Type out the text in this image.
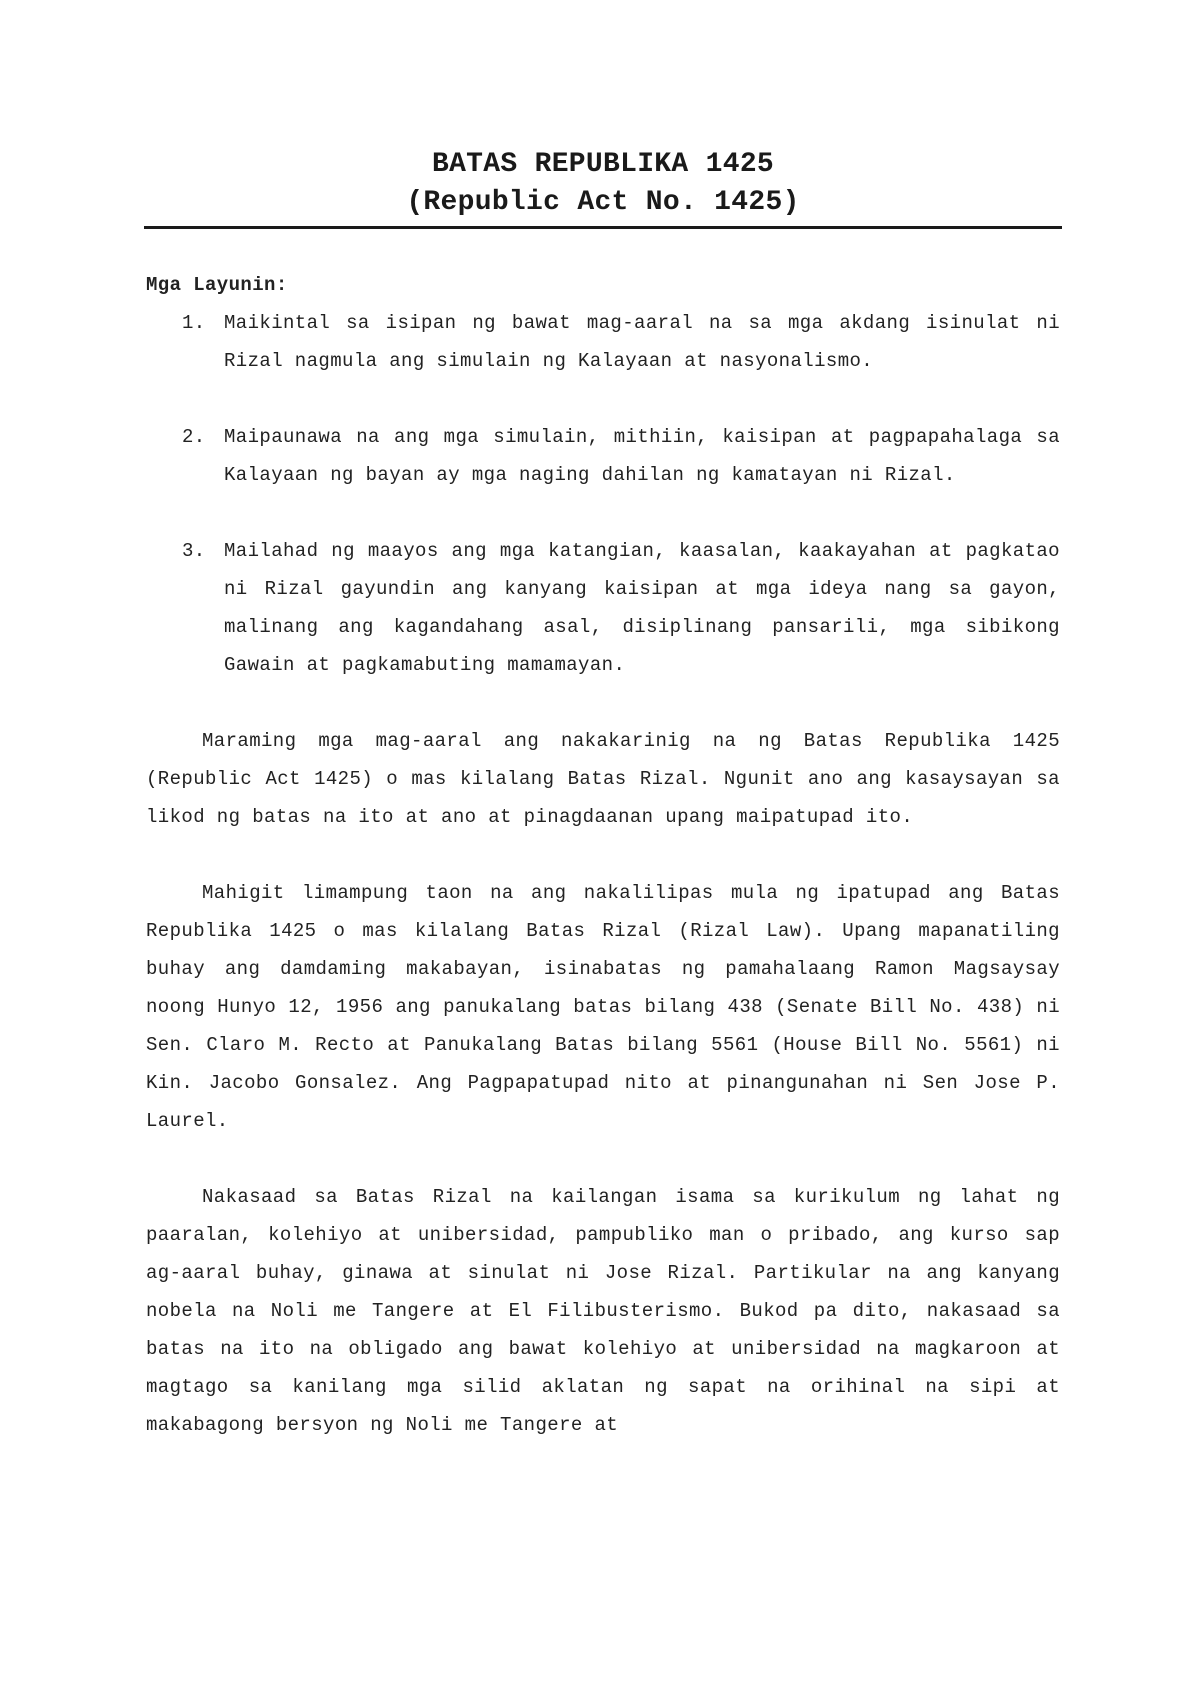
BATAS REPUBLIKA 1425
(Republic Act No. 1425)
Mga Layunin:
1. Maikintal sa isipan ng bawat mag-aaral na sa mga akdang isinulat ni Rizal nagmula ang simulain ng Kalayaan at nasyonalismo.
2. Maipaunawa na ang mga simulain, mithiin, kaisipan at pagpapahalaga sa Kalayaan ng bayan ay mga naging dahilan ng kamatayan ni Rizal.
3. Mailahad ng maayos ang mga katangian, kaasalan, kaakayahan at pagkatao ni Rizal gayundin ang kanyang kaisipan at mga ideya nang sa gayon, malinang ang kagandahang asal, disiplinang pansarili, mga sibikong Gawain at pagkamabuting mamamayan.

Maraming mga mag-aaral ang nakakarinig na ng Batas Republika 1425 (Republic Act 1425) o mas kilalang Batas Rizal. Ngunit ano ang kasaysayan sa likod ng batas na ito at ano at pinagdaanan upang maipatupad ito.

Mahigit limampung taon na ang nakalilipas mula ng ipatupad ang Batas Republika 1425 o mas kilalang Batas Rizal (Rizal Law). Upang mapanatiling buhay ang damdaming makabayan, isinabatas ng pamahalaang Ramon Magsaysay noong Hunyo 12, 1956 ang panukalang batas bilang 438 (Senate Bill No. 438) ni Sen. Claro M. Recto at Panukalang Batas bilang 5561 (House Bill No. 5561) ni Kin. Jacobo Gonsalez. Ang Pagpapatupad nito at pinangunahan ni Sen Jose P. Laurel.

Nakasaad sa Batas Rizal na kailangan isama sa kurikulum ng lahat ng paaralan, kolehiyo at unibersidad, pampubliko man o pribado, ang kurso sap ag-aaral buhay, ginawa at sinulat ni Jose Rizal. Partikular na ang kanyang nobela na Noli me Tangere at El Filibusterismo. Bukod pa dito, nakasaad sa batas na ito na obligado ang bawat kolehiyo at unibersidad na magkaroon at magtago sa kanilang mga silid aklatan ng sapat na orihinal na sipi at makabagong bersyon ng Noli me Tangere at
